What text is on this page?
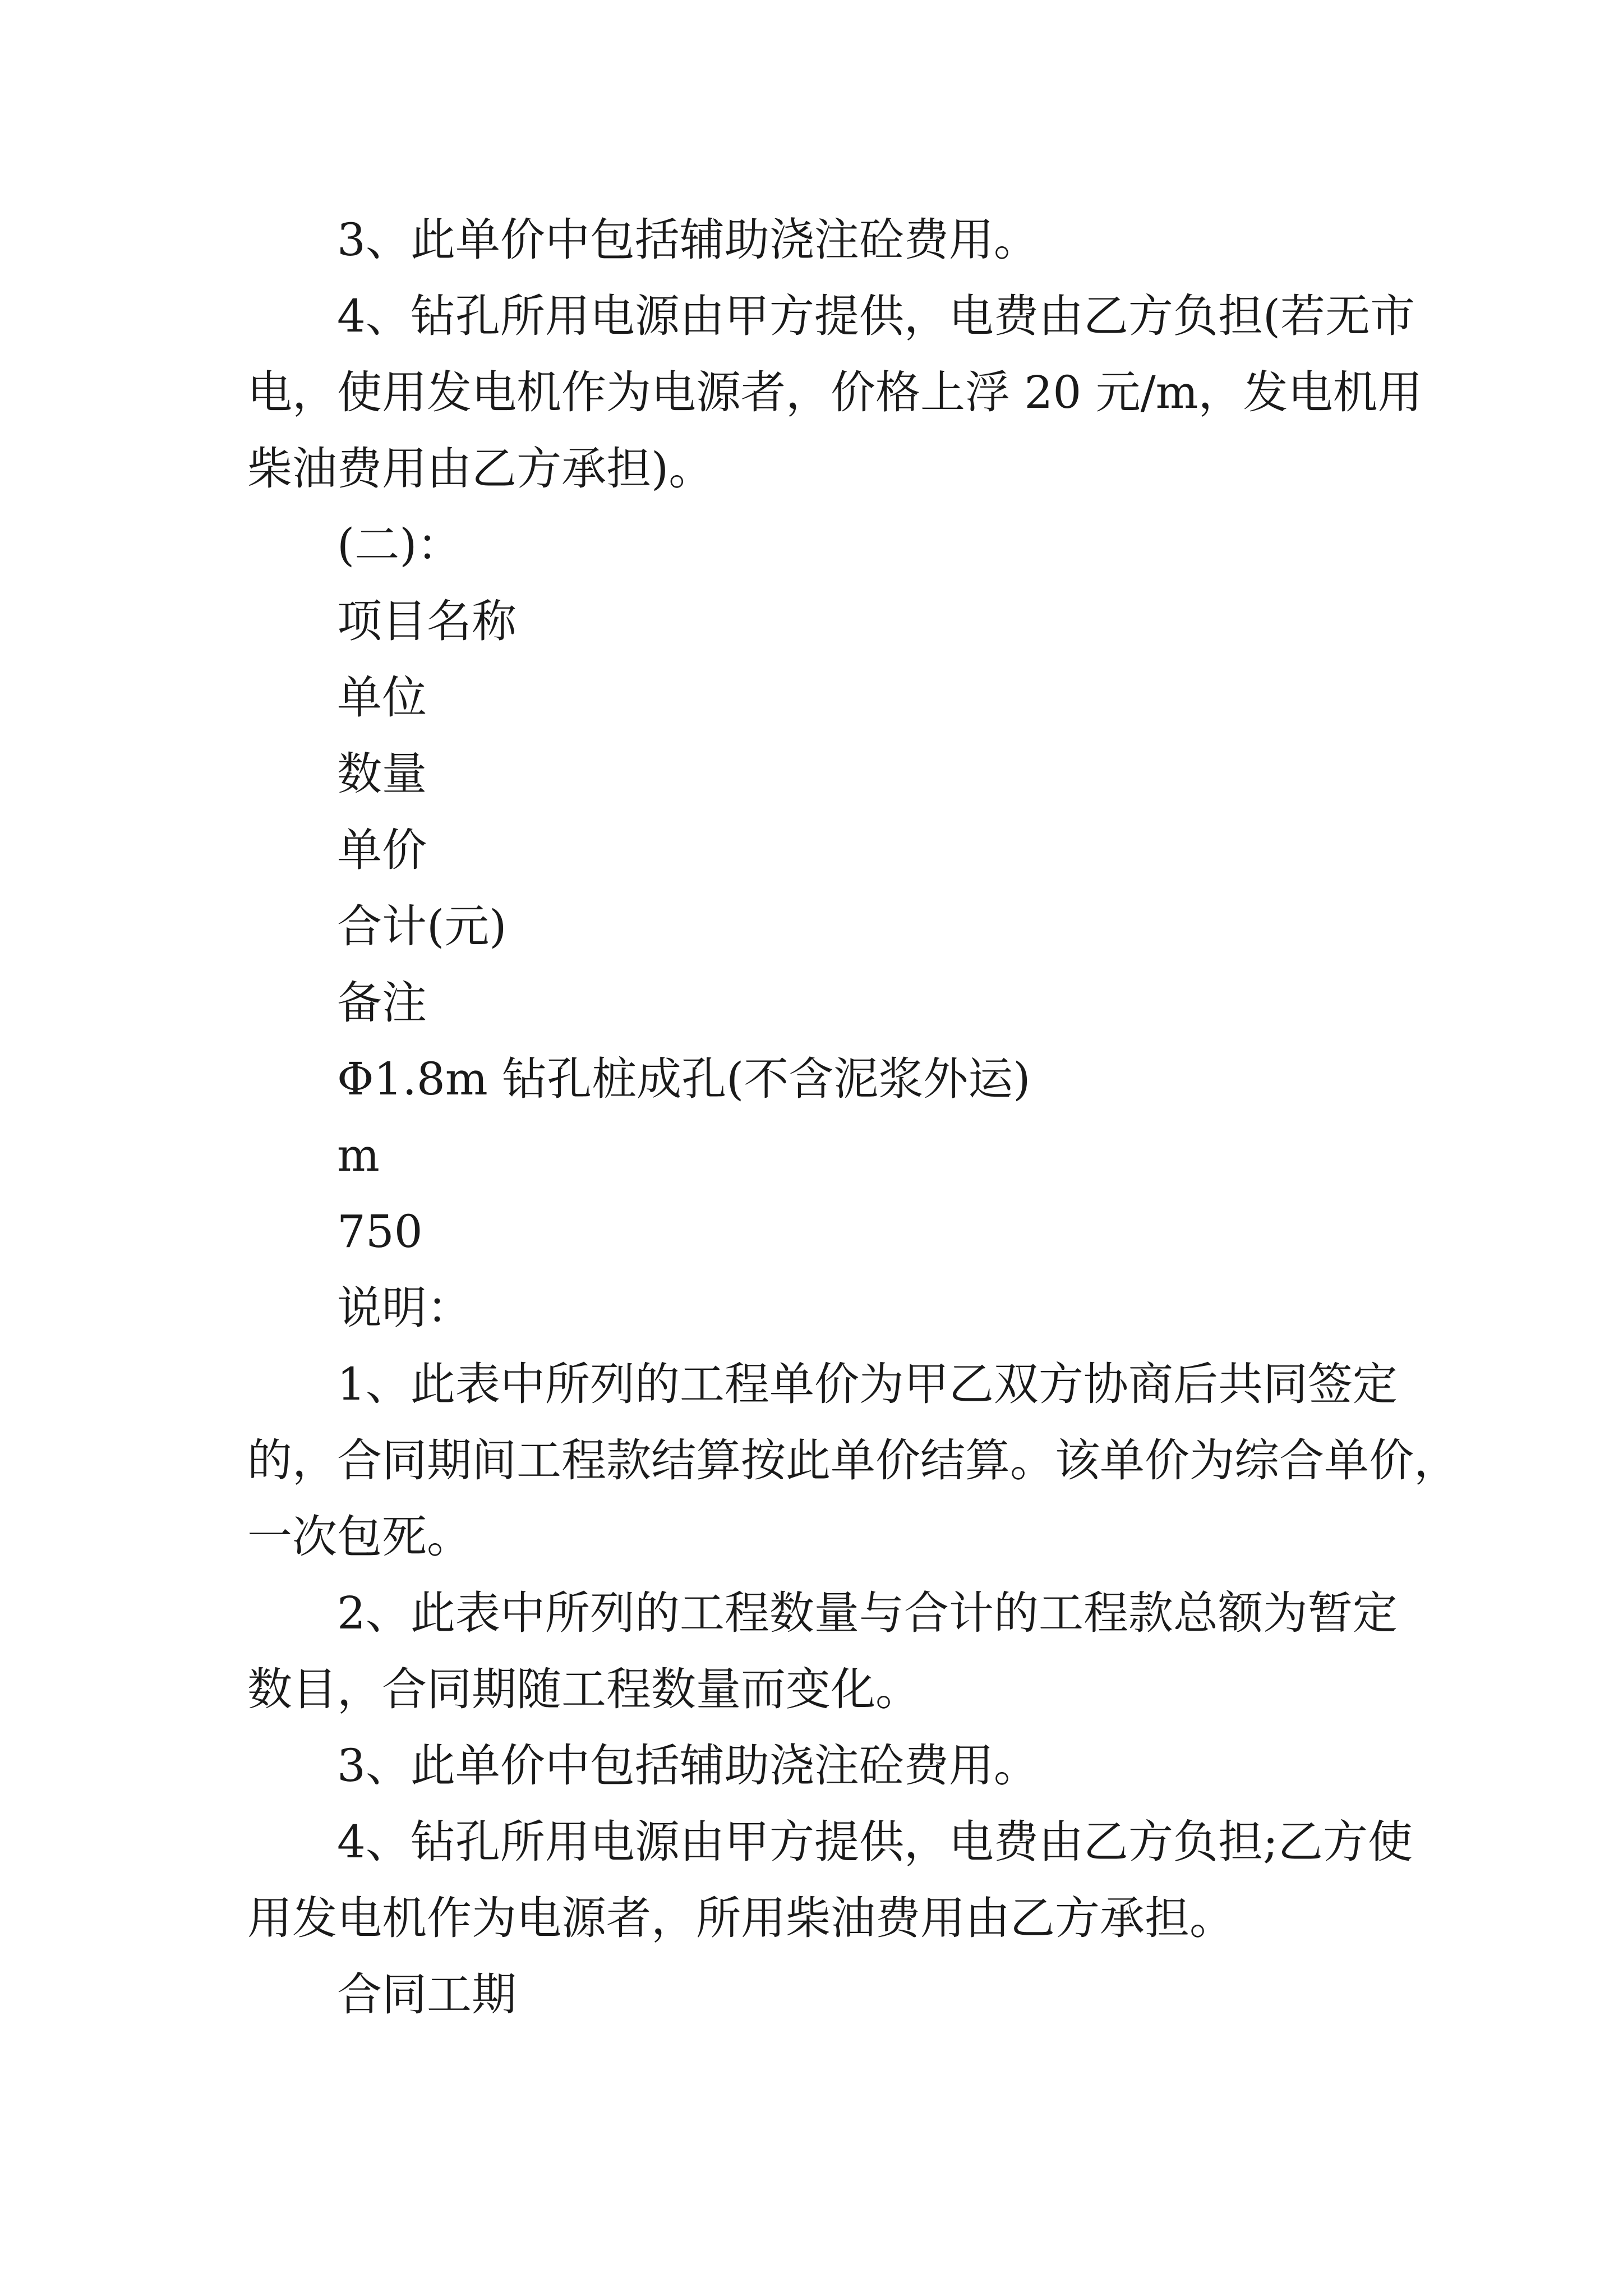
3、此单价中包括辅助浇注砼费用。

4、钻孔所用电源由甲方提供，电费由乙方负担(若无市

电，使用发电机作为电源者，价格上浮 20 元/m，发电机用

柴油费用由乙方承担)。

(二)：

项目名称

单位

数量

单价

合计(元)

备注

Φ1.8m 钻孔桩成孔(不含泥浆外运)

m

750

说明：

1、此表中所列的工程单价为甲乙双方协商后共同签定

的，合同期间工程款结算按此单价结算。该单价为综合单价，

一次包死。

2、此表中所列的工程数量与合计的工程款总额为暂定

数目，合同期随工程数量而变化。

3、此单价中包括辅助浇注砼费用。

4、钻孔所用电源由甲方提供，电费由乙方负担;乙方使

用发电机作为电源者，所用柴油费用由乙方承担。

合同工期
